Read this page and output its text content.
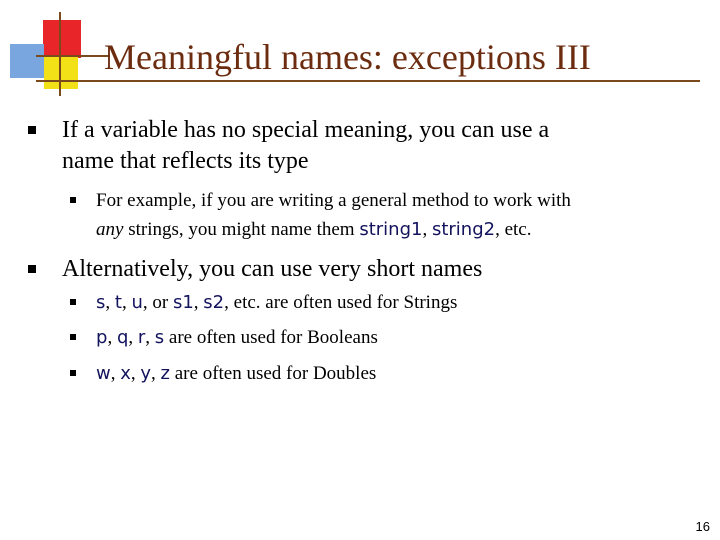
Meaningful names: exceptions III
If a variable has no special meaning, you can use a
name that reflects its type
For example, if you are writing a general method to work with
any strings, you might name them string1, string2, etc.
Alternatively, you can use very short names
s, t, u, or s1, s2, etc. are often used for Strings
p, q, r, s are often used for Booleans
w, x, y, z are often used for Doubles
16
